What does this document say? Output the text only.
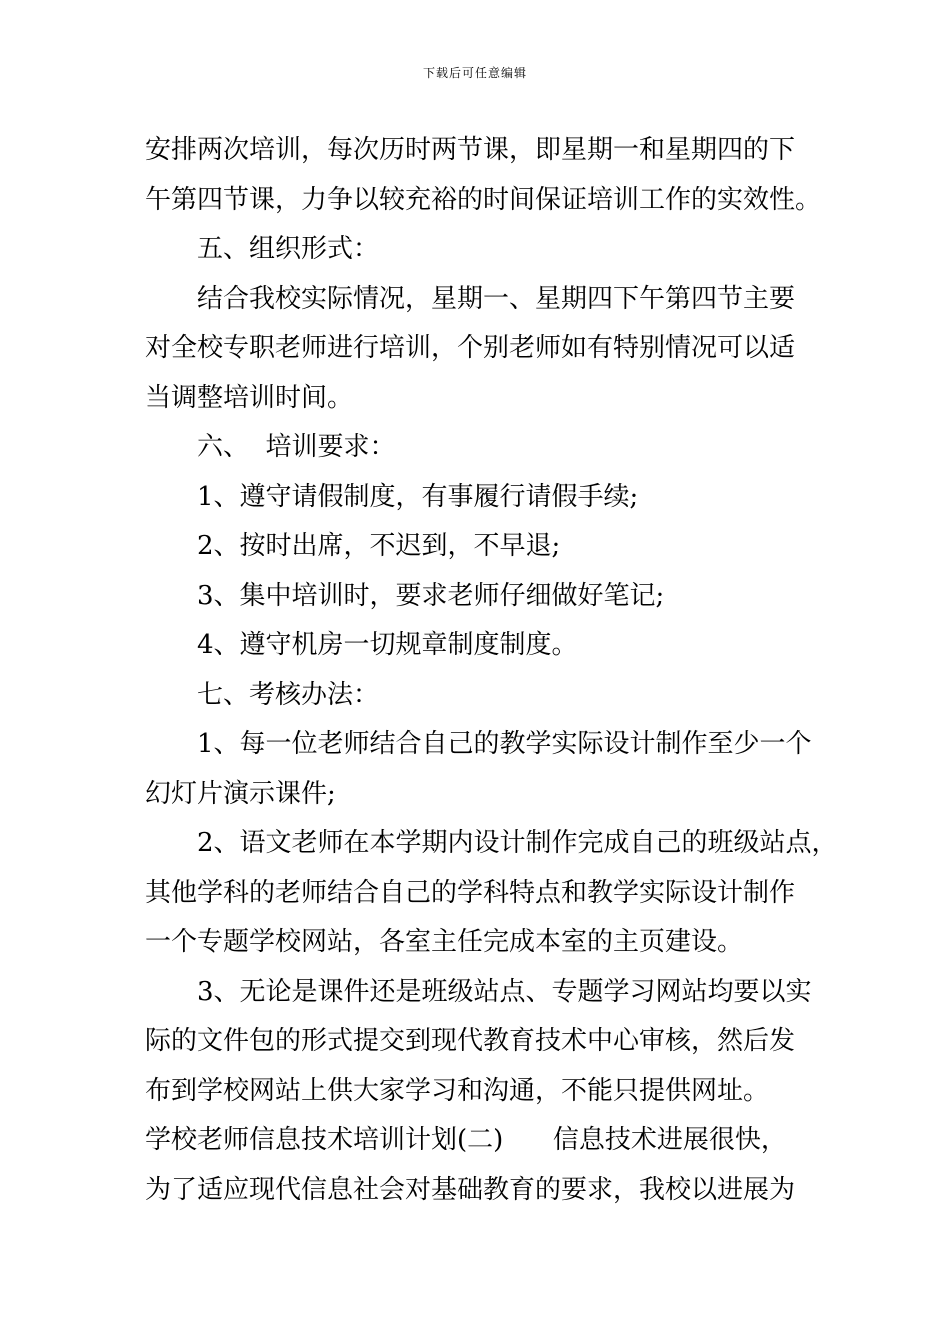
下载后可任意编辑
安排两次培训，每次历时两节课，即星期一和星期四的下
午第四节课，力争以较充裕的时间保证培训工作的实效性。
五、组织形式：
结合我校实际情况，星期一、星期四下午第四节主要
对全校专职老师进行培训，个别老师如有特别情况可以适
当调整培训时间。
六、  培训要求：
1、遵守请假制度，有事履行请假手续;
2、按时出席，不迟到，不早退;
3、集中培训时，要求老师仔细做好笔记;
4、遵守机房一切规章制度制度。
七、考核办法：
1、每一位老师结合自己的教学实际设计制作至少一个
幻灯片演示课件;
2、语文老师在本学期内设计制作完成自己的班级站点，
其他学科的老师结合自己的学科特点和教学实际设计制作
一个专题学校网站，各室主任完成本室的主页建设。
3、无论是课件还是班级站点、专题学习网站均要以实
际的文件包的形式提交到现代教育技术中心审核，然后发
布到学校网站上供大家学习和沟通，不能只提供网址。
学校老师信息技术培训计划(二)      信息技术进展很快，
为了适应现代信息社会对基础教育的要求，我校以进展为
